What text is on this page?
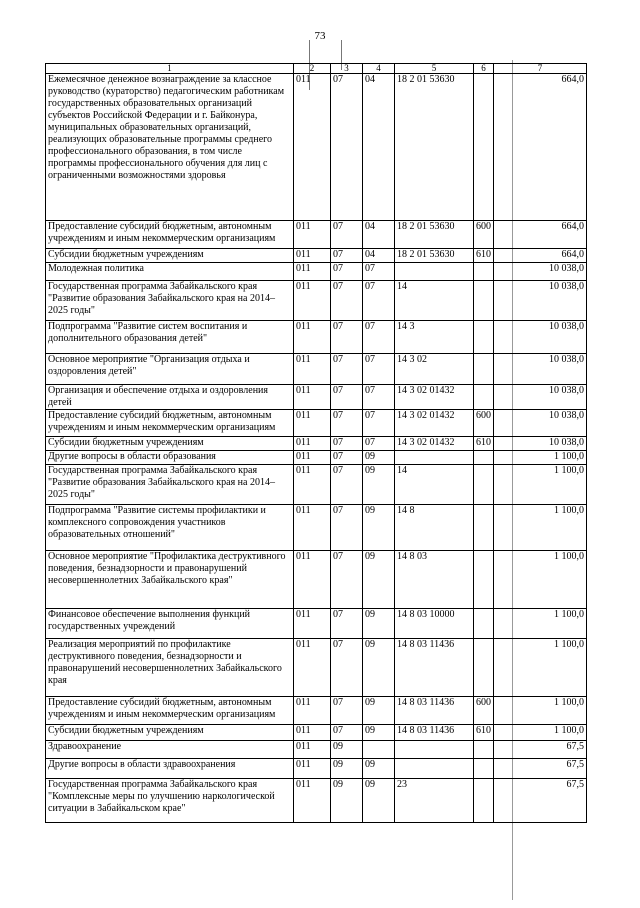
73
1	2	3	4	5	6	7
Ежемесячное денежное вознаграждение за классное руководство (кураторство) педагогическим работникам государственных образовательных организаций субъектов Российской Федерации и г. Байконура, муниципальных образовательных организаций, реализующих образовательные программы среднего профессионального образования, в том числе программы профессионального обучения для лиц с ограниченными возможностями здоровья	011	07	04	18 2 01 53630		664,0
Предоставление субсидий бюджетным, автономным учреждениям и иным некоммерческим организациям	011	07	04	18 2 01 53630	600	664,0
Субсидии бюджетным учреждениям	011	07	04	18 2 01 53630	610	664,0
Молодежная политика	011	07	07			10 038,0
Государственная программа Забайкальского края "Развитие образования Забайкальского края на 2014–2025 годы"	011	07	07	14		10 038,0
Подпрограмма "Развитие систем воспитания и дополнительного образования детей"	011	07	07	14 3		10 038,0
Основное мероприятие "Организация отдыха и оздоровления детей"	011	07	07	14 3 02		10 038,0
Организация и обеспечение отдыха и оздоровления детей	011	07	07	14 3 02 01432		10 038,0
Предоставление субсидий бюджетным, автономным учреждениям и иным некоммерческим организациям	011	07	07	14 3 02 01432	600	10 038,0
Субсидии бюджетным учреждениям	011	07	07	14 3 02 01432	610	10 038,0
Другие вопросы в области образования	011	07	09			1 100,0
Государственная программа Забайкальского края "Развитие образования Забайкальского края на 2014–2025 годы"	011	07	09	14		1 100,0
Подпрограмма "Развитие системы профилактики и комплексного сопровождения участников образовательных отношений"	011	07	09	14 8		1 100,0
Основное мероприятие "Профилактика деструктивного поведения, безнадзорности и правонарушений несовершеннолетних Забайкальского края"	011	07	09	14 8 03		1 100,0
Финансовое обеспечение выполнения функций государственных учреждений	011	07	09	14 8 03 10000		1 100,0
Реализация мероприятий по профилактике деструктивного поведения, безнадзорности и правонарушений несовершеннолетних Забайкальского края	011	07	09	14 8 03 11436		1 100,0
Предоставление субсидий бюджетным, автономным учреждениям и иным некоммерческим организациям	011	07	09	14 8 03 11436	600	1 100,0
Субсидии бюджетным учреждениям	011	07	09	14 8 03 11436	610	1 100,0
Здравоохранение	011	09				67,5
Другие вопросы в области здравоохранения	011	09	09			67,5
Государственная программа Забайкальского края "Комплексные меры по улучшению наркологической ситуации в Забайкальском крае"	011	09	09	23		67,5
